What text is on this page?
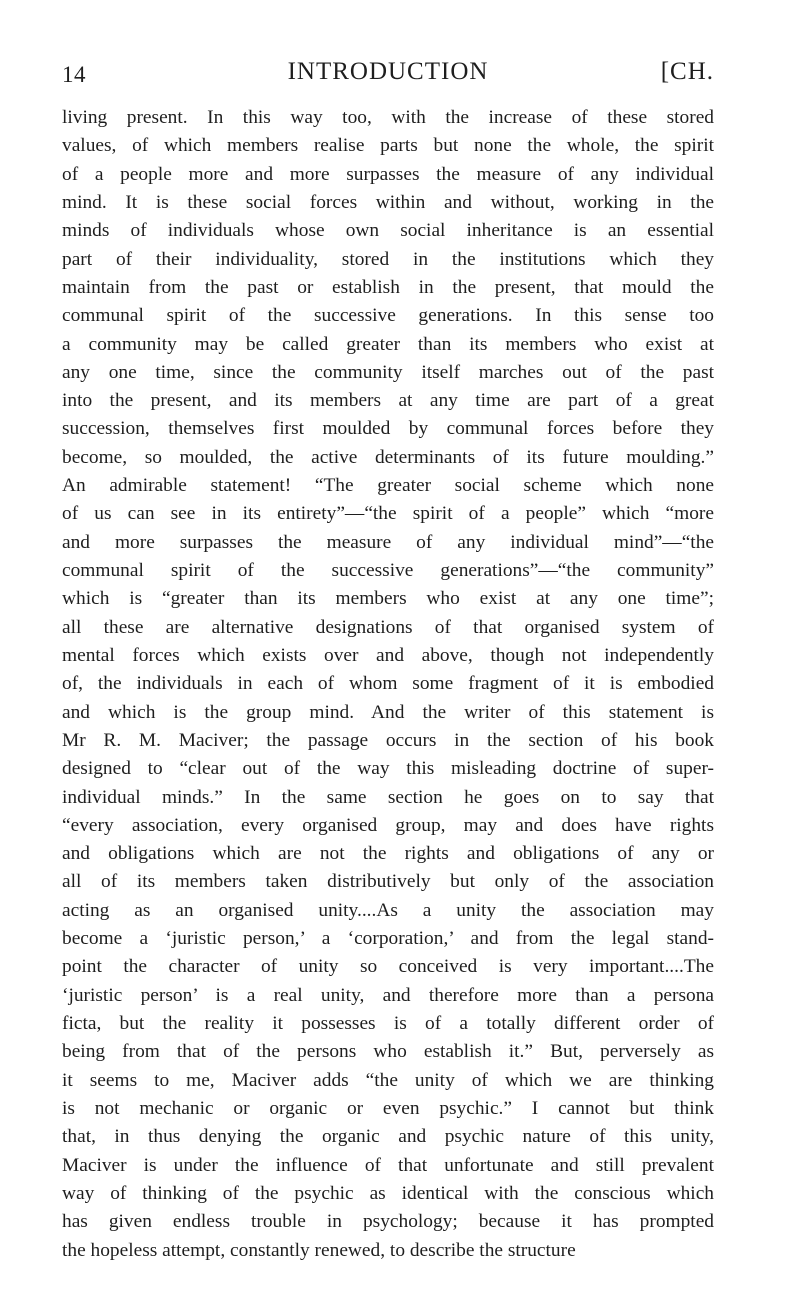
14	INTRODUCTION	[CH.
living present. In this way too, with the increase of these stored
values, of which members realise parts but none the whole, the spirit
of a people more and more surpasses the measure of any individual
mind. It is these social forces within and without, working in the
minds of individuals whose own social inheritance is an essential
part of their individuality, stored in the institutions which they
maintain from the past or establish in the present, that mould the
communal spirit of the successive generations. In this sense too
a community may be called greater than its members who exist at
any one time, since the community itself marches out of the past
into the present, and its members at any time are part of a great
succession, themselves first moulded by communal forces before they
become, so moulded, the active determinants of its future moulding.”
An admirable statement! “The greater social scheme which none
of us can see in its entirety”—“the spirit of a people” which “more
and more surpasses the measure of any individual mind”—“the
communal spirit of the successive generations”—“the community”
which is “greater than its members who exist at any one time”;
all these are alternative designations of that organised system of
mental forces which exists over and above, though not independently
of, the individuals in each of whom some fragment of it is embodied
and which is the group mind. And the writer of this statement is
Mr R. M. Maciver; the passage occurs in the section of his book
designed to “clear out of the way this misleading doctrine of super-
individual minds.” In the same section he goes on to say that
“every association, every organised group, may and does have rights
and obligations which are not the rights and obligations of any or
all of its members taken distributively but only of the association
acting as an organised unity....As a unity the association may
become a ‘juristic person,’ a ‘corporation,’ and from the legal stand-
point the character of unity so conceived is very important....The
‘juristic person’ is a real unity, and therefore more than a persona
ficta, but the reality it possesses is of a totally different order of
being from that of the persons who establish it.” But, perversely as
it seems to me, Maciver adds “the unity of which we are thinking
is not mechanic or organic or even psychic.” I cannot but think
that, in thus denying the organic and psychic nature of this unity,
Maciver is under the influence of that unfortunate and still prevalent
way of thinking of the psychic as identical with the conscious which
has given endless trouble in psychology; because it has prompted
the hopeless attempt, constantly renewed, to describe the structure
